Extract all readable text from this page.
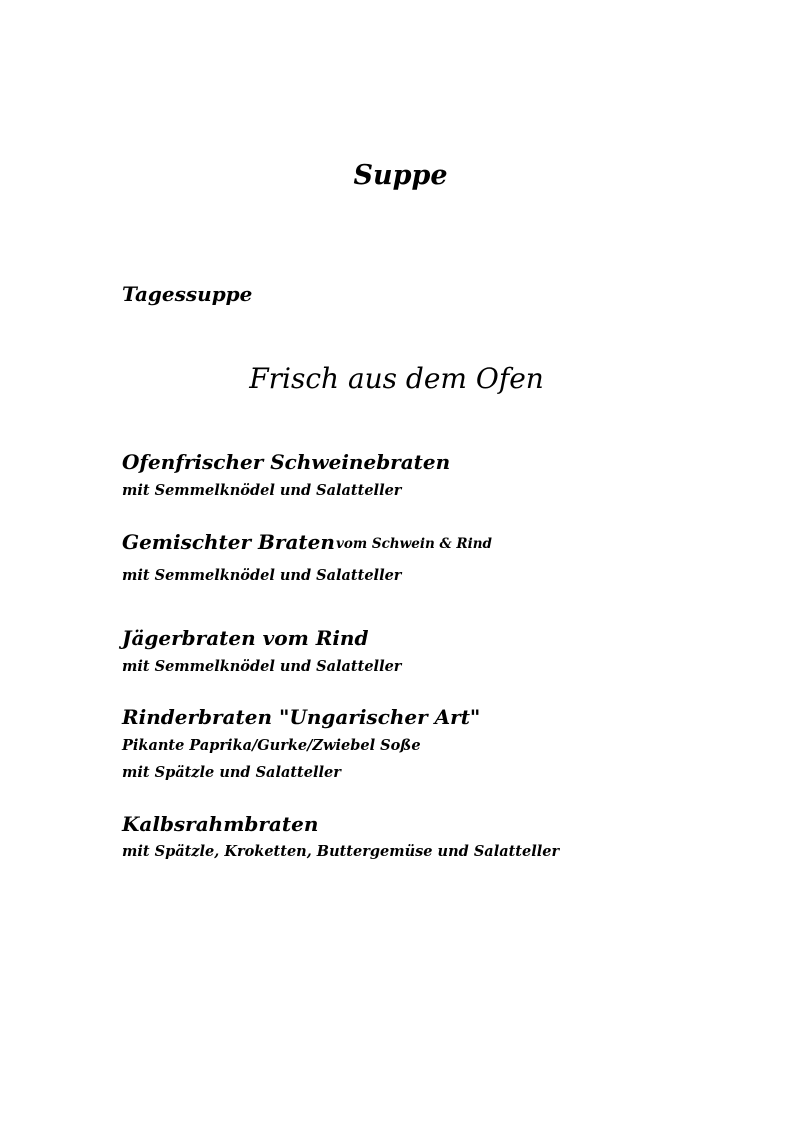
Suppe
Tagessuppe
Frisch aus dem Ofen
Ofenfrischer Schweinebraten
mit Semmelknödel und Salatteller
Gemischter Braten vom Schwein & Rind
mit Semmelknödel und Salatteller
Jägerbraten vom Rind
mit Semmelknödel und Salatteller
Rinderbraten "Ungarischer Art"
Pikante Paprika/Gurke/Zwiebel Soße
mit Spätzle und Salatteller
Kalbsrahmbraten
mit Spätzle, Kroketten, Buttergemüse und Salatteller
